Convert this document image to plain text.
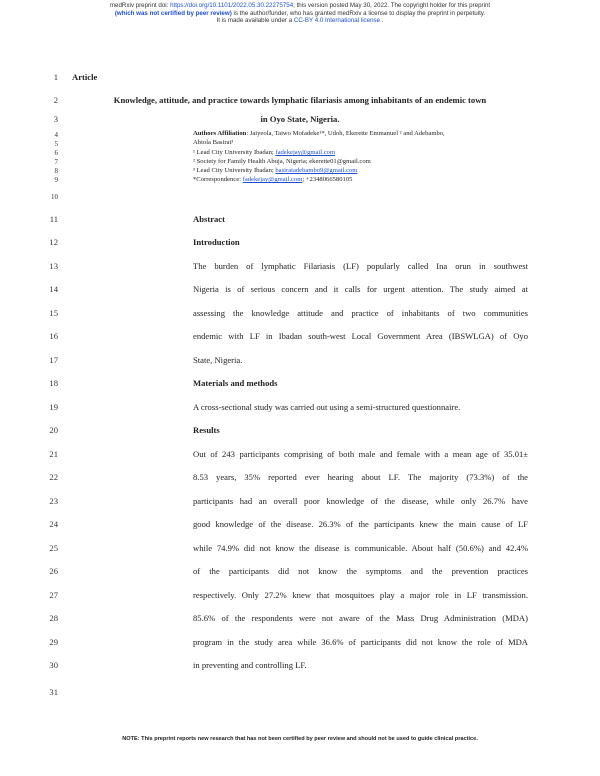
medRxiv preprint doi: https://doi.org/10.1101/2022.05.30.22275754; this version posted May 30, 2022. The copyright holder for this preprint
(which was not certified by peer review) is the author/funder, who has granted medRxiv a license to display the preprint in perpetuity.
It is made available under a CC-BY 4.0 International license .
1
2
3
4
5
6
7
8
9
10
11
12
13
14
15
16
17
18
19
20
21
22
23
24
25
26
27
28
29
30
31
Article
Knowledge, attitude, and practice towards lymphatic filariasis among inhabitants of an endemic town
in Oyo State, Nigeria.
Authors Affiliation: Jaiyeola, Taiwo Mofadeke¹*, Udoh, Ekerette Emmanuel ² and Adebambo,
Abiola Basirat³
¹ Lead City University Ibadan; fadekejay@gmail.com
² Society for Family Health Abuja, Nigeria; ekerette01@gmail.com
³ Lead City University Ibadan; basiratadebambo9@gmail.com
*Correspondence: fadekejay@gmail.com; +2348066580105
Abstract
Introduction
The burden of lymphatic Filariasis (LF) popularly called Ina orun in southwest
Nigeria is of serious concern and it calls for urgent attention. The study aimed at
assessing the knowledge attitude and practice of inhabitants of two communities
endemic with LF in Ibadan south-west Local Government Area (IBSWLGA) of Oyo
State, Nigeria.
Materials and methods
A cross-sectional study was carried out using a semi-structured questionnaire.
Results
Out of 243 participants comprising of both male and female with a mean age of 35.01±
8.53 years, 35% reported ever hearing about LF. The majority (73.3%) of the
participants had an overall poor knowledge of the disease, while only 26.7% have
good knowledge of the disease. 26.3% of the participants knew the main cause of LF
while 74.9% did not know the disease is communicable. About half (50.6%) and 42.4%
of the participants did not know the symptoms and the prevention practices
respectively. Only 27.2% knew that mosquitoes play a major role in LF transmission.
85.6% of the respondents were not aware of the Mass Drug Administration (MDA)
program in the study area while 36.6% of participants did not know the role of MDA
in preventing and controlling LF.
NOTE: This preprint reports new research that has not been certified by peer review and should not be used to guide clinical practice.
